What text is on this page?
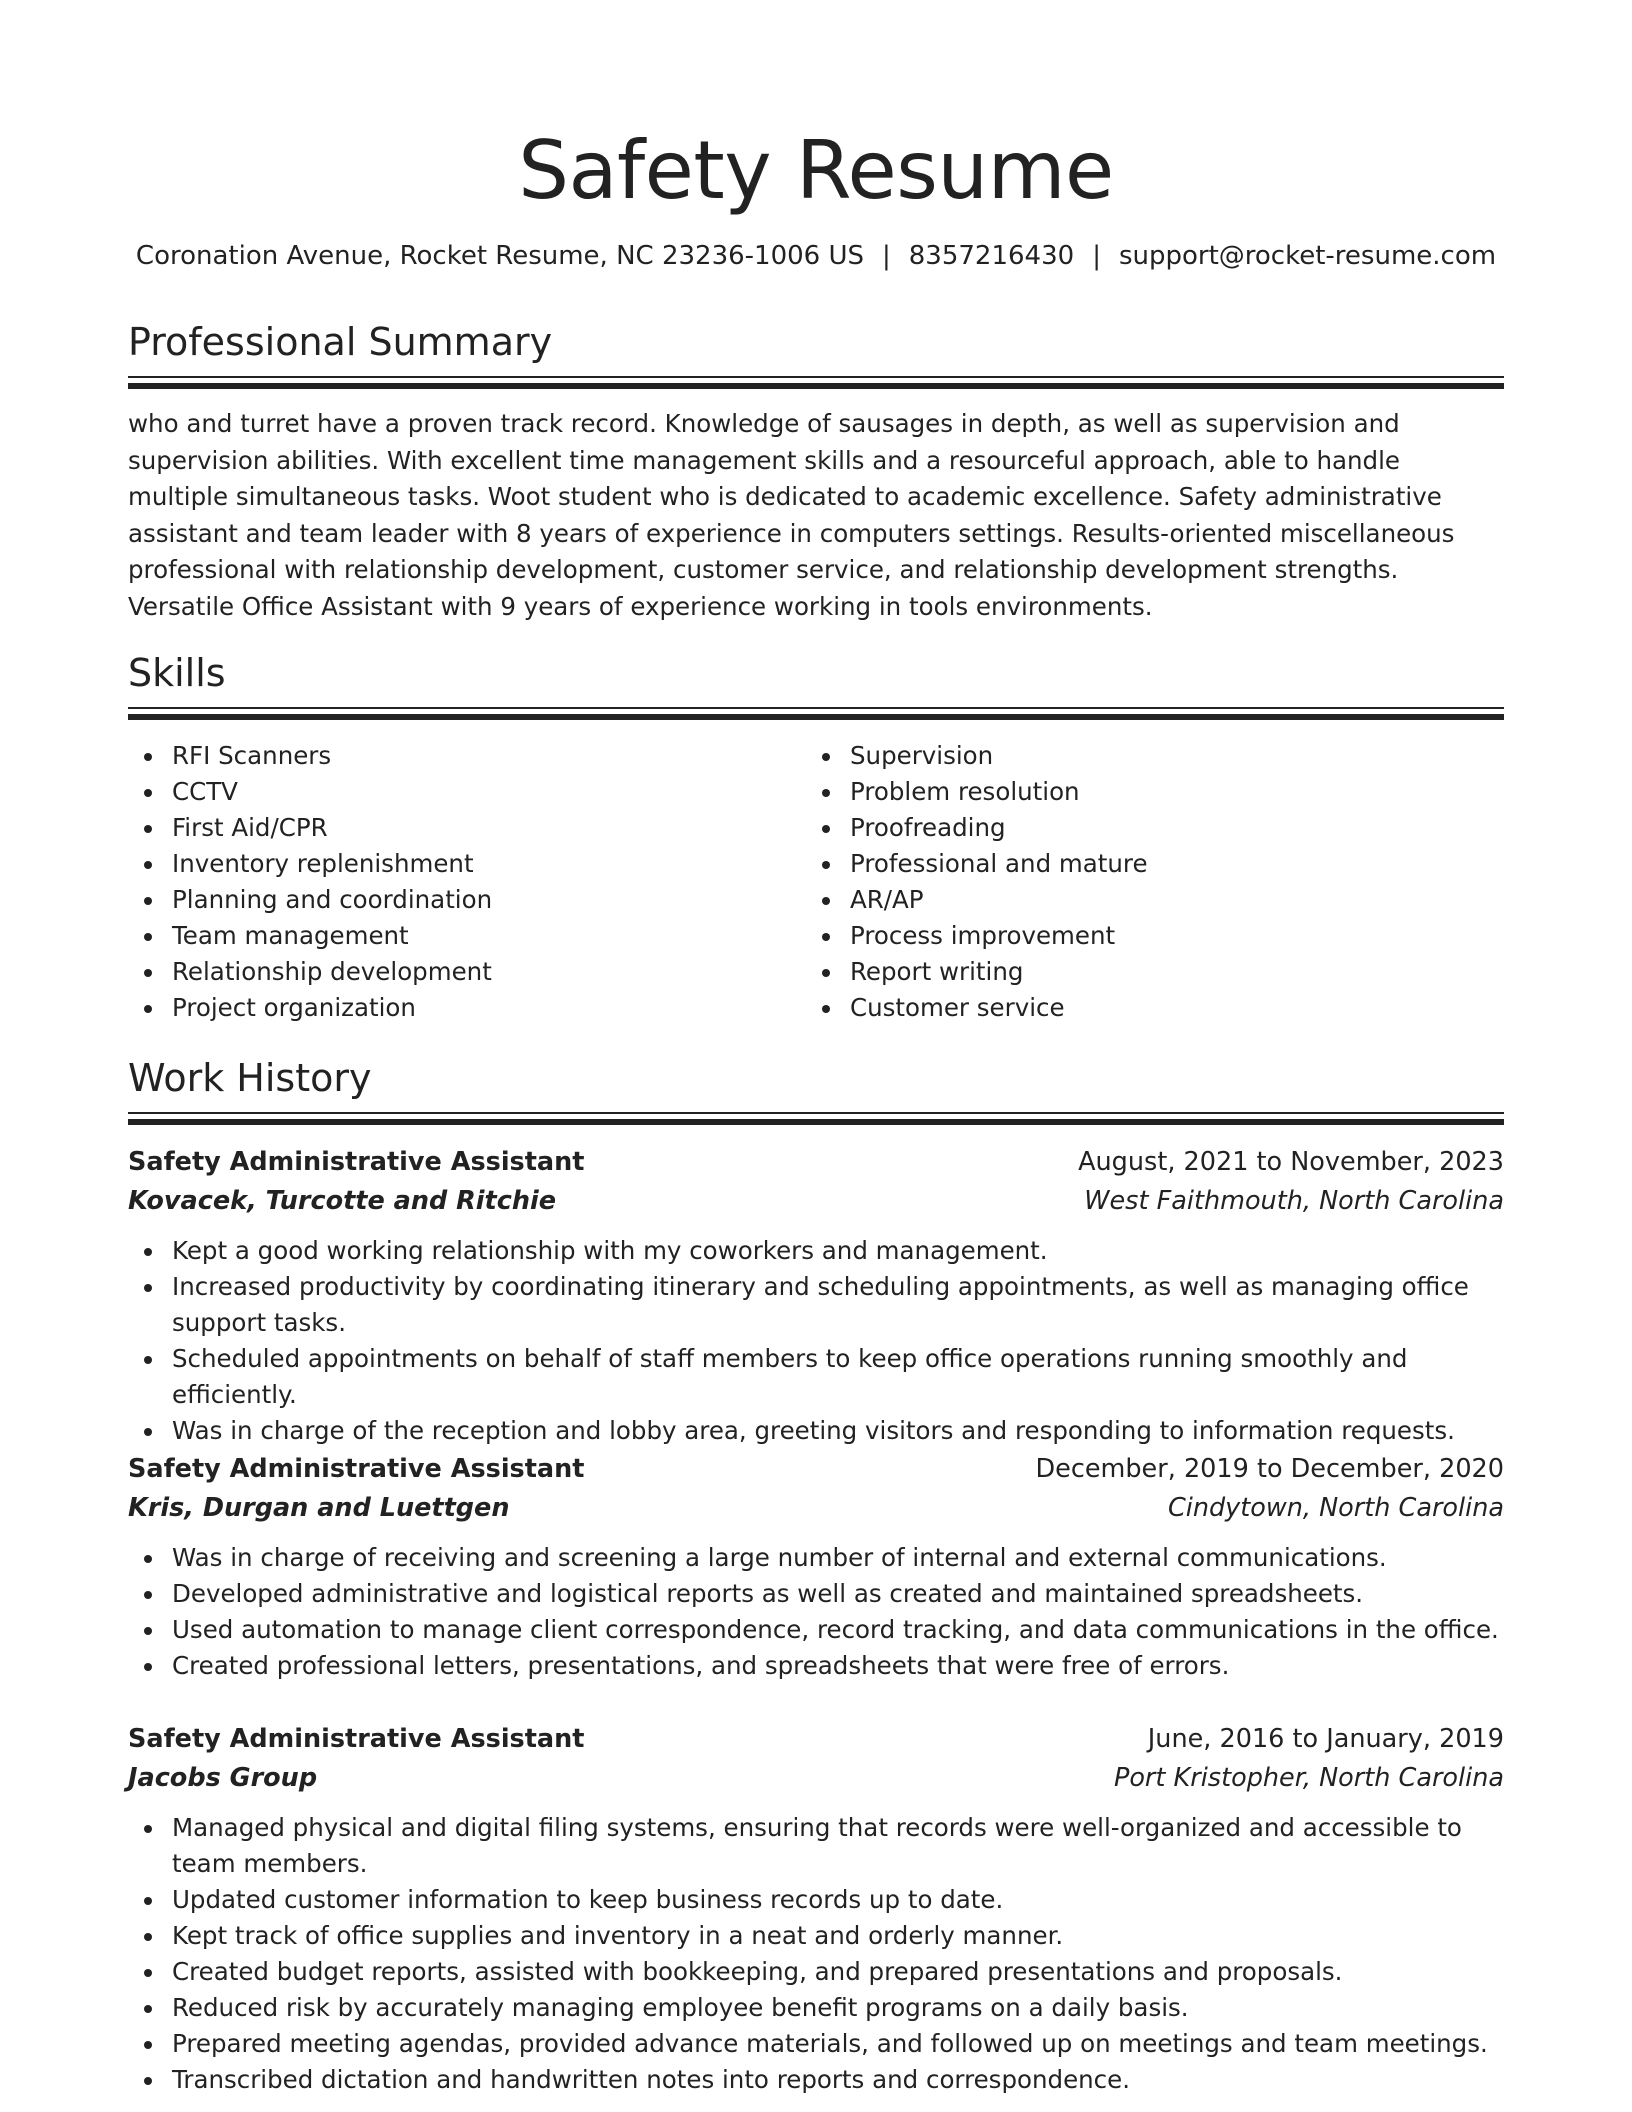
Safety Resume
Coronation Avenue, Rocket Resume, NC 23236-1006 US | 8357216430 | support@rocket-resume.com
Professional Summary

who and turret have a proven track record. Knowledge of sausages in depth, as well as supervision and supervision abilities. With excellent time management skills and a resourceful approach, able to handle multiple simultaneous tasks. Woot student who is dedicated to academic excellence. Safety administrative assistant and team leader with 8 years of experience in computers settings. Results-oriented miscellaneous professional with relationship development, customer service, and relationship development strengths. Versatile Office Assistant with 9 years of experience working in tools environments.

Skills
RFI Scanners
CCTV
First Aid/CPR
Inventory replenishment
Planning and coordination
Team management
Relationship development
Project organization
Supervision
Problem resolution
Proofreading
Professional and mature
AR/AP
Process improvement
Report writing
Customer service
Work History
Safety Administrative Assistant	August, 2021 to November, 2023
Kovacek, Turcotte and Ritchie	West Faithmouth, North Carolina
Kept a good working relationship with my coworkers and management.
Increased productivity by coordinating itinerary and scheduling appointments, as well as managing office support tasks.
Scheduled appointments on behalf of staff members to keep office operations running smoothly and efficiently.
Was in charge of the reception and lobby area, greeting visitors and responding to information requests.
Safety Administrative Assistant	December, 2019 to December, 2020
Kris, Durgan and Luettgen	Cindytown, North Carolina
Was in charge of receiving and screening a large number of internal and external communications.
Developed administrative and logistical reports as well as created and maintained spreadsheets.
Used automation to manage client correspondence, record tracking, and data communications in the office.
Created professional letters, presentations, and spreadsheets that were free of errors.
Safety Administrative Assistant	June, 2016 to January, 2019
Jacobs Group	Port Kristopher, North Carolina
Managed physical and digital filing systems, ensuring that records were well-organized and accessible to team members.
Updated customer information to keep business records up to date.
Kept track of office supplies and inventory in a neat and orderly manner.
Created budget reports, assisted with bookkeeping, and prepared presentations and proposals.
Reduced risk by accurately managing employee benefit programs on a daily basis.
Prepared meeting agendas, provided advance materials, and followed up on meetings and team meetings.
Transcribed dictation and handwritten notes into reports and correspondence.
